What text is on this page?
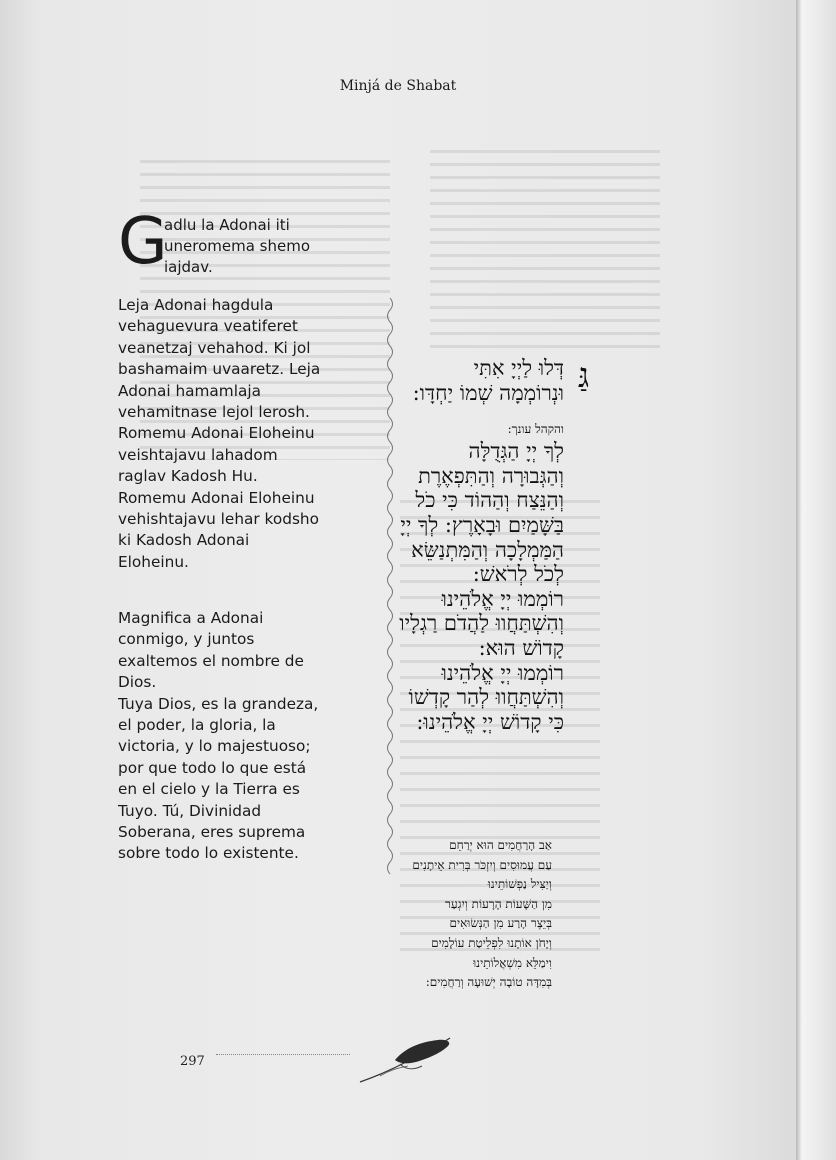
Minjá de Shabat
G
adlu la Adonai iti
uneromema shemo
iajdav.

Leja Adonai hagdula
vehaguevura veatiferet
veanetzaj vehahod. Ki jol
bashamaim uvaaretz. Leja
Adonai hamamlaja
vehamitnase lejol lerosh.
Romemu Adonai Eloheinu
veishtajavu lahadom
raglav Kadosh Hu.
Romemu Adonai Eloheinu
vehishtajavu lehar kodsho
ki Kadosh Adonai
Eloheinu.

Magnifica a Adonai
conmigo, y juntos
exaltemos el nombre de
Dios.
Tuya Dios, es la grandeza,
el poder, la gloria, la
victoria, y lo majestuoso;
por que todo lo que está
en el cielo y la Tierra es
Tuyo. Tú, Divinidad
Soberana, eres suprema
sobre todo lo existente.

גַּ
דְּלוּ לַיְיָ אִתִּי
וּנְרוֹמְמָה שְׁמוֹ יַחְדָּו:
והקהל עונך:
לְךָ יְיָ הַגְּדֻלָּה
וְהַגְּבוּרָה וְהַתִּפְאֶרֶת
וְהַנֵּצַח וְהַהוֹד כִּי כֹל
בַּשָּׁמַיִם וּבָאָרֶץ: לְךָ יְיָ
הַמַּמְלָכָה וְהַמִּתְנַשֵּׂא
לְכֹל לְרֹאשׁ:
רוֹמְמוּ יְיָ אֱלֹהֵינוּ
וְהִשְׁתַּחֲווּ לַהֲדֹם רַגְלָיו
קָדוֹשׁ הוּא:
רוֹמְמוּ יְיָ אֱלֹהֵינוּ
וְהִשְׁתַּחֲווּ לְהַר קָדְשׁוֹ
כִּי קָדוֹשׁ יְיָ אֱלֹהֵינוּ:
אַב הָרַחֲמִים הוּא יְרַחֵם
עַם עֲמוּסִים וְיִזְכֹּר בְּרִית אֵיתָנִים
וְיַצִּיל נַפְשׁוֹתֵינוּ
מִן הַשָּׁעוֹת הָרָעוֹת וְיִגְעַר
בְּיֵצֶר הָרַע מִן הַנְּשׂוּאִים
וְיָחֹן אוֹתָנוּ לִפְלֵיטַת עוֹלָמִים
וִימַלֵּא מִשְׁאֲלוֹתֵינוּ
בְּמִדָּה טוֹבָה יְשׁוּעָה וְרַחֲמִים:
297
